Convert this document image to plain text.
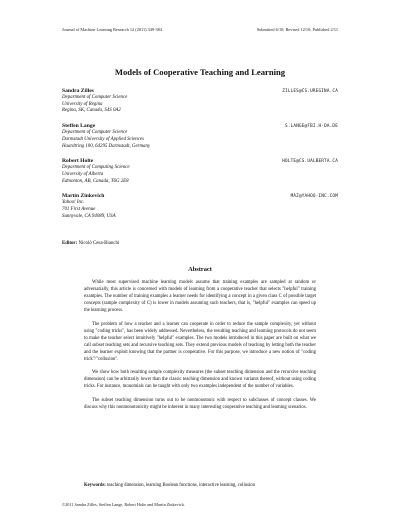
Journal of Machine Learning Research 12 (2011) 349-384	Submitted 6/10; Revised 12/10; Published 2/11
Models of Cooperative Teaching and Learning
Sandra Zilles	ZILLES@CS.UREGINA.CA
Department of Computer Science
University of Regina
Regina, SK, Canada, S4S 0A2
Steffen Lange	S.LANGE@FBI.H-DA.DE
Department of Computer Science
Darmstadt University of Applied Sciences
Haardtring 100, 64295 Darmstadt, Germany
Robert Holte	HOLTE@CS.UALBERTA.CA
Department of Computing Science
University of Alberta
Edmonton, AB, Canada, T6G 2E8
Martin Zinkevich	MAZ@YAHOO-INC.COM
Yahoo! Inc.
701 First Avenue
Sunnyvale, CA 94089, USA
Editor: Nicolò Cesa-Bianchi
Abstract

While most supervised machine learning models assume that training examples are sampled at random or adversarially, this article is concerned with models of learning from a cooperative teacher that selects "helpful" training examples. The number of training examples a learner needs for identifying a concept in a given class C of possible target concepts (sample complexity of C) is lower in models assuming such teachers, that is, "helpful" examples can speed up the learning process.

The problem of how a teacher and a learner can cooperate in order to reduce the sample complexity, yet without using "coding tricks", has been widely addressed. Nevertheless, the resulting teaching and learning protocols do not seem to make the teacher select intuitively "helpful" examples. The two models introduced in this paper are built on what we call subset teaching sets and recursive teaching sets. They extend previous models of teaching by letting both the teacher and the learner exploit knowing that the partner is cooperative. For this purpose, we introduce a new notion of "coding trick"/"collusion".

We show how both resulting sample complexity measures (the subset teaching dimension and the recursive teaching dimension) can be arbitrarily lower than the classic teaching dimension and known variants thereof, without using coding tricks. For instance, monomials can be taught with only two examples independent of the number of variables.

The subset teaching dimension turns out to be nonmonotonic with respect to subclasses of concept classes. We discuss why this nonmonotonicity might be inherent in many interesting cooperative teaching and learning scenarios.

Keywords: teaching dimension, learning Boolean functions, interactive learning, collusion
©2011 Sandra Zilles, Steffen Lange, Robert Holte and Martin Zinkevich.
